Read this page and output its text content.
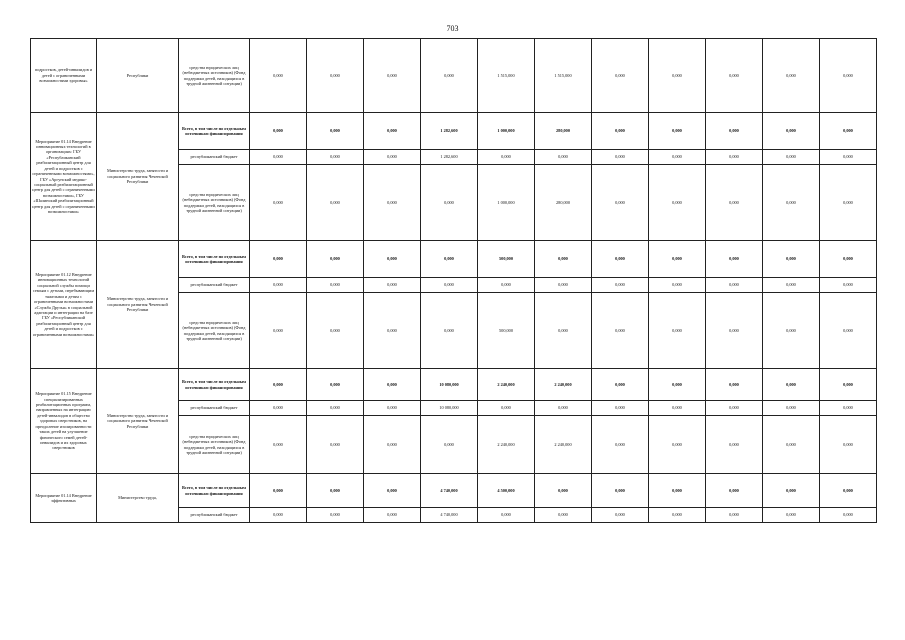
703
подростков, детей-инвалидов и детей с ограниченными возможностями здоровья»	Республики	средства юридических лиц (небюджетных источников) (Фонд поддержки детей, находящихся в трудной жизненной ситуации)	0,000	0,000	0,000	0,000	1 515,000	1 515,000	0,000	0,000	0,000	0,000	0,000
Мероприятие 01.14 Внедрение инновационных технологий в организациях: ГБУ «Республиканский реабилитационный центр для детей и подростков с ограниченными возможностями», ГБУ «Аргунский медико-социальный реабилитационный центр для детей с ограниченными возможностями», ГБУ «Шалинский реабилитационный центр для детей с ограниченными возможностями»	Министерство труда, занятости и социального развития Чеченской Республики	Всего, в том числе по отдельным источникам финансирования	0,000	0,000	0,000	1 282,600	1 000,000	280,000	0,000	0,000	0,000	0,000	0,000
		республиканский бюджет	0,000	0,000	0,000	1 282,600	0,000	0,000	0,000	0,000	0,000	0,000	0,000
		средства юридических лиц (небюджетных источников) (Фонд поддержки детей, находящихся в трудной жизненной ситуации)	0,000	0,000	0,000	0,000	1 000,000	280,000	0,000	0,000	0,000	0,000	0,000
Мероприятие 01.12 Внедрение инновационных технологий социальной службы помощи семьям с детьми, перебывающим тяжелыми и детям с ограниченными возможностями «Служба Друзья» в социальной адаптации и интеграции на базе ГБУ «Республиканский реабилитационный центр для детей и подростков с ограниченными возможностями»	Министерство труда, занятости и социального развития Чеченской Республики	Всего, в том числе по отдельным источникам финансирования	0,000	0,000	0,000	0,000	500,000	0,000	0,000	0,000	0,000	0,000	0,000
		республиканский бюджет	0,000	0,000	0,000	0,000	0,000	0,000	0,000	0,000	0,000	0,000	0,000
		средства юридических лиц (небюджетных источников) (Фонд поддержки детей, находящихся в трудной жизненной ситуации)	0,000	0,000	0,000	0,000	500,000	0,000	0,000	0,000	0,000	0,000	0,000
Мероприятие 01.15 Внедрение специализированных реабилитационных программ, направленных на интеграцию детей-инвалидов в общество здоровых сверстников, на преодоление изолированности таких детей на улучшение физического семей детей-инвалидов и их здоровых сверстников	Министерство труда, занятости и социального развития Чеченской Республики	Всего, в том числе по отдельным источникам финансирования	0,000	0,000	0,000	10 080,000	2 240,000	2 240,000	0,000	0,000	0,000	0,000	0,000
		республиканский бюджет	0,000	0,000	0,000	10 080,000	0,000	0,000	0,000	0,000	0,000	0,000	0,000
		средства юридических лиц (небюджетных источников) (Фонд поддержки детей, находящихся в трудной жизненной ситуации)	0,000	0,000	0,000	0,000	2 240,000	2 240,000	0,000	0,000	0,000	0,000	0,000
Мероприятие 01.14 Внедрение эффективных	Министерство труда,	Всего, в том числе по отдельным источникам финансирования	0,000	0,000	0,000	4 740,000	4 500,000	0,000	0,000	0,000	0,000	0,000	0,000
		республиканский бюджет	0,000	0,000	0,000	4 740,000	0,000	0,000	0,000	0,000	0,000	0,000	0,000
